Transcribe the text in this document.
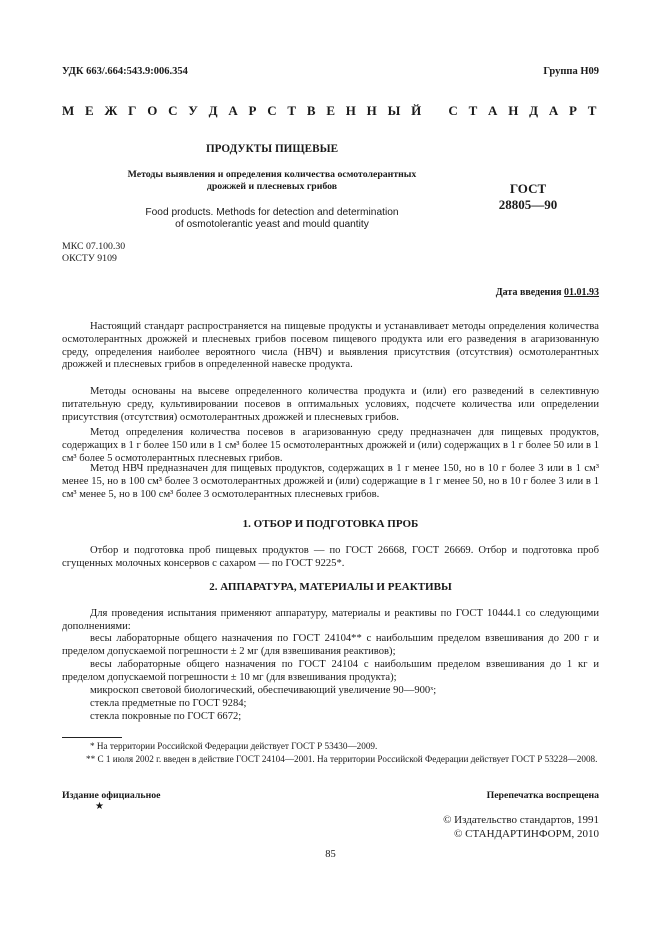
УДК 663/.664:543.9:006.354	Группа Н09
М Е Ж Г О С У Д А Р С Т В Е Н Н Ы Й   С Т А Н Д А Р Т
ПРОДУКТЫ ПИЩЕВЫЕ
Методы выявления и определения количества осмотолерантных
дрожжей и плесневых грибов
Food products. Methods for detection and determination
of osmotolerantic yeast and mould quantity
ГОСТ
28805—90
МКС 07.100.30
ОКСТУ 9109
Дата введения 01.01.93
Настоящий стандарт распространяется на пищевые продукты и устанавливает методы определения количества осмотолерантных дрожжей и плесневых грибов посевом пищевого продукта или его разведения в агаризованную среду, определения наиболее вероятного числа (НВЧ) и выявления присутствия (отсутствия) осмотолерантных дрожжей и плесневых грибов в определенной навеске продукта.
Методы основаны на высеве определенного количества продукта и (или) его разведений в селективную питательную среду, культивировании посевов в оптимальных условиях, подсчете количества или определении присутствия (отсутствия) осмотолерантных дрожжей и плесневых грибов.
Метод определения количества посевов в агаризованную среду предназначен для пищевых продуктов, содержащих в 1 г более 150 или в 1 см³ более 15 осмотолерантных дрожжей и (или) содержащих в 1 г более 50 или в 1 см³ более 5 осмотолерантных плесневых грибов.
Метод НВЧ предназначен для пищевых продуктов, содержащих в 1 г менее 150, но в 10 г более 3 или в 1 см³ менее 15, но в 100 см³ более 3 осмотолерантных дрожжей и (или) содержащие в 1 г менее 50, но в 10 г более 3 или в 1 см³ менее 5, но в 100 см³ более 3 осмотолерантных плесневых грибов.
1. ОТБОР И ПОДГОТОВКА ПРОБ
Отбор и подготовка проб пищевых продуктов — по ГОСТ 26668, ГОСТ 26669. Отбор и подготовка проб сгущенных молочных консервов с сахаром — по ГОСТ 9225*.
2. АППАРАТУРА, МАТЕРИАЛЫ И РЕАКТИВЫ
Для проведения испытания применяют аппаратуру, материалы и реактивы по ГОСТ 10444.1 со следующими дополнениями:
весы лабораторные общего назначения по ГОСТ 24104** с наибольшим пределом взвешивания до 200 г и пределом допускаемой погрешности ± 2 мг (для взвешивания реактивов);
весы лабораторные общего назначения по ГОСТ 24104 с наибольшим пределом взвешивания до 1 кг и пределом допускаемой погрешности ± 10 мг (для взвешивания продукта);
микроскоп световой биологический, обеспечивающий увеличение 90—900ˣ;
стекла предметные по ГОСТ 9284;
стекла покровные по ГОСТ 6672;
* На территории Российской Федерации действует ГОСТ Р 53430—2009.
** С 1 июля 2002 г. введен в действие ГОСТ 24104—2001. На территории Российской Федерации действует ГОСТ Р 53228—2008.
Издание официальное
★
Перепечатка воспрещена
© Издательство стандартов, 1991
© СТАНДАРТИНФОРМ, 2010
85
